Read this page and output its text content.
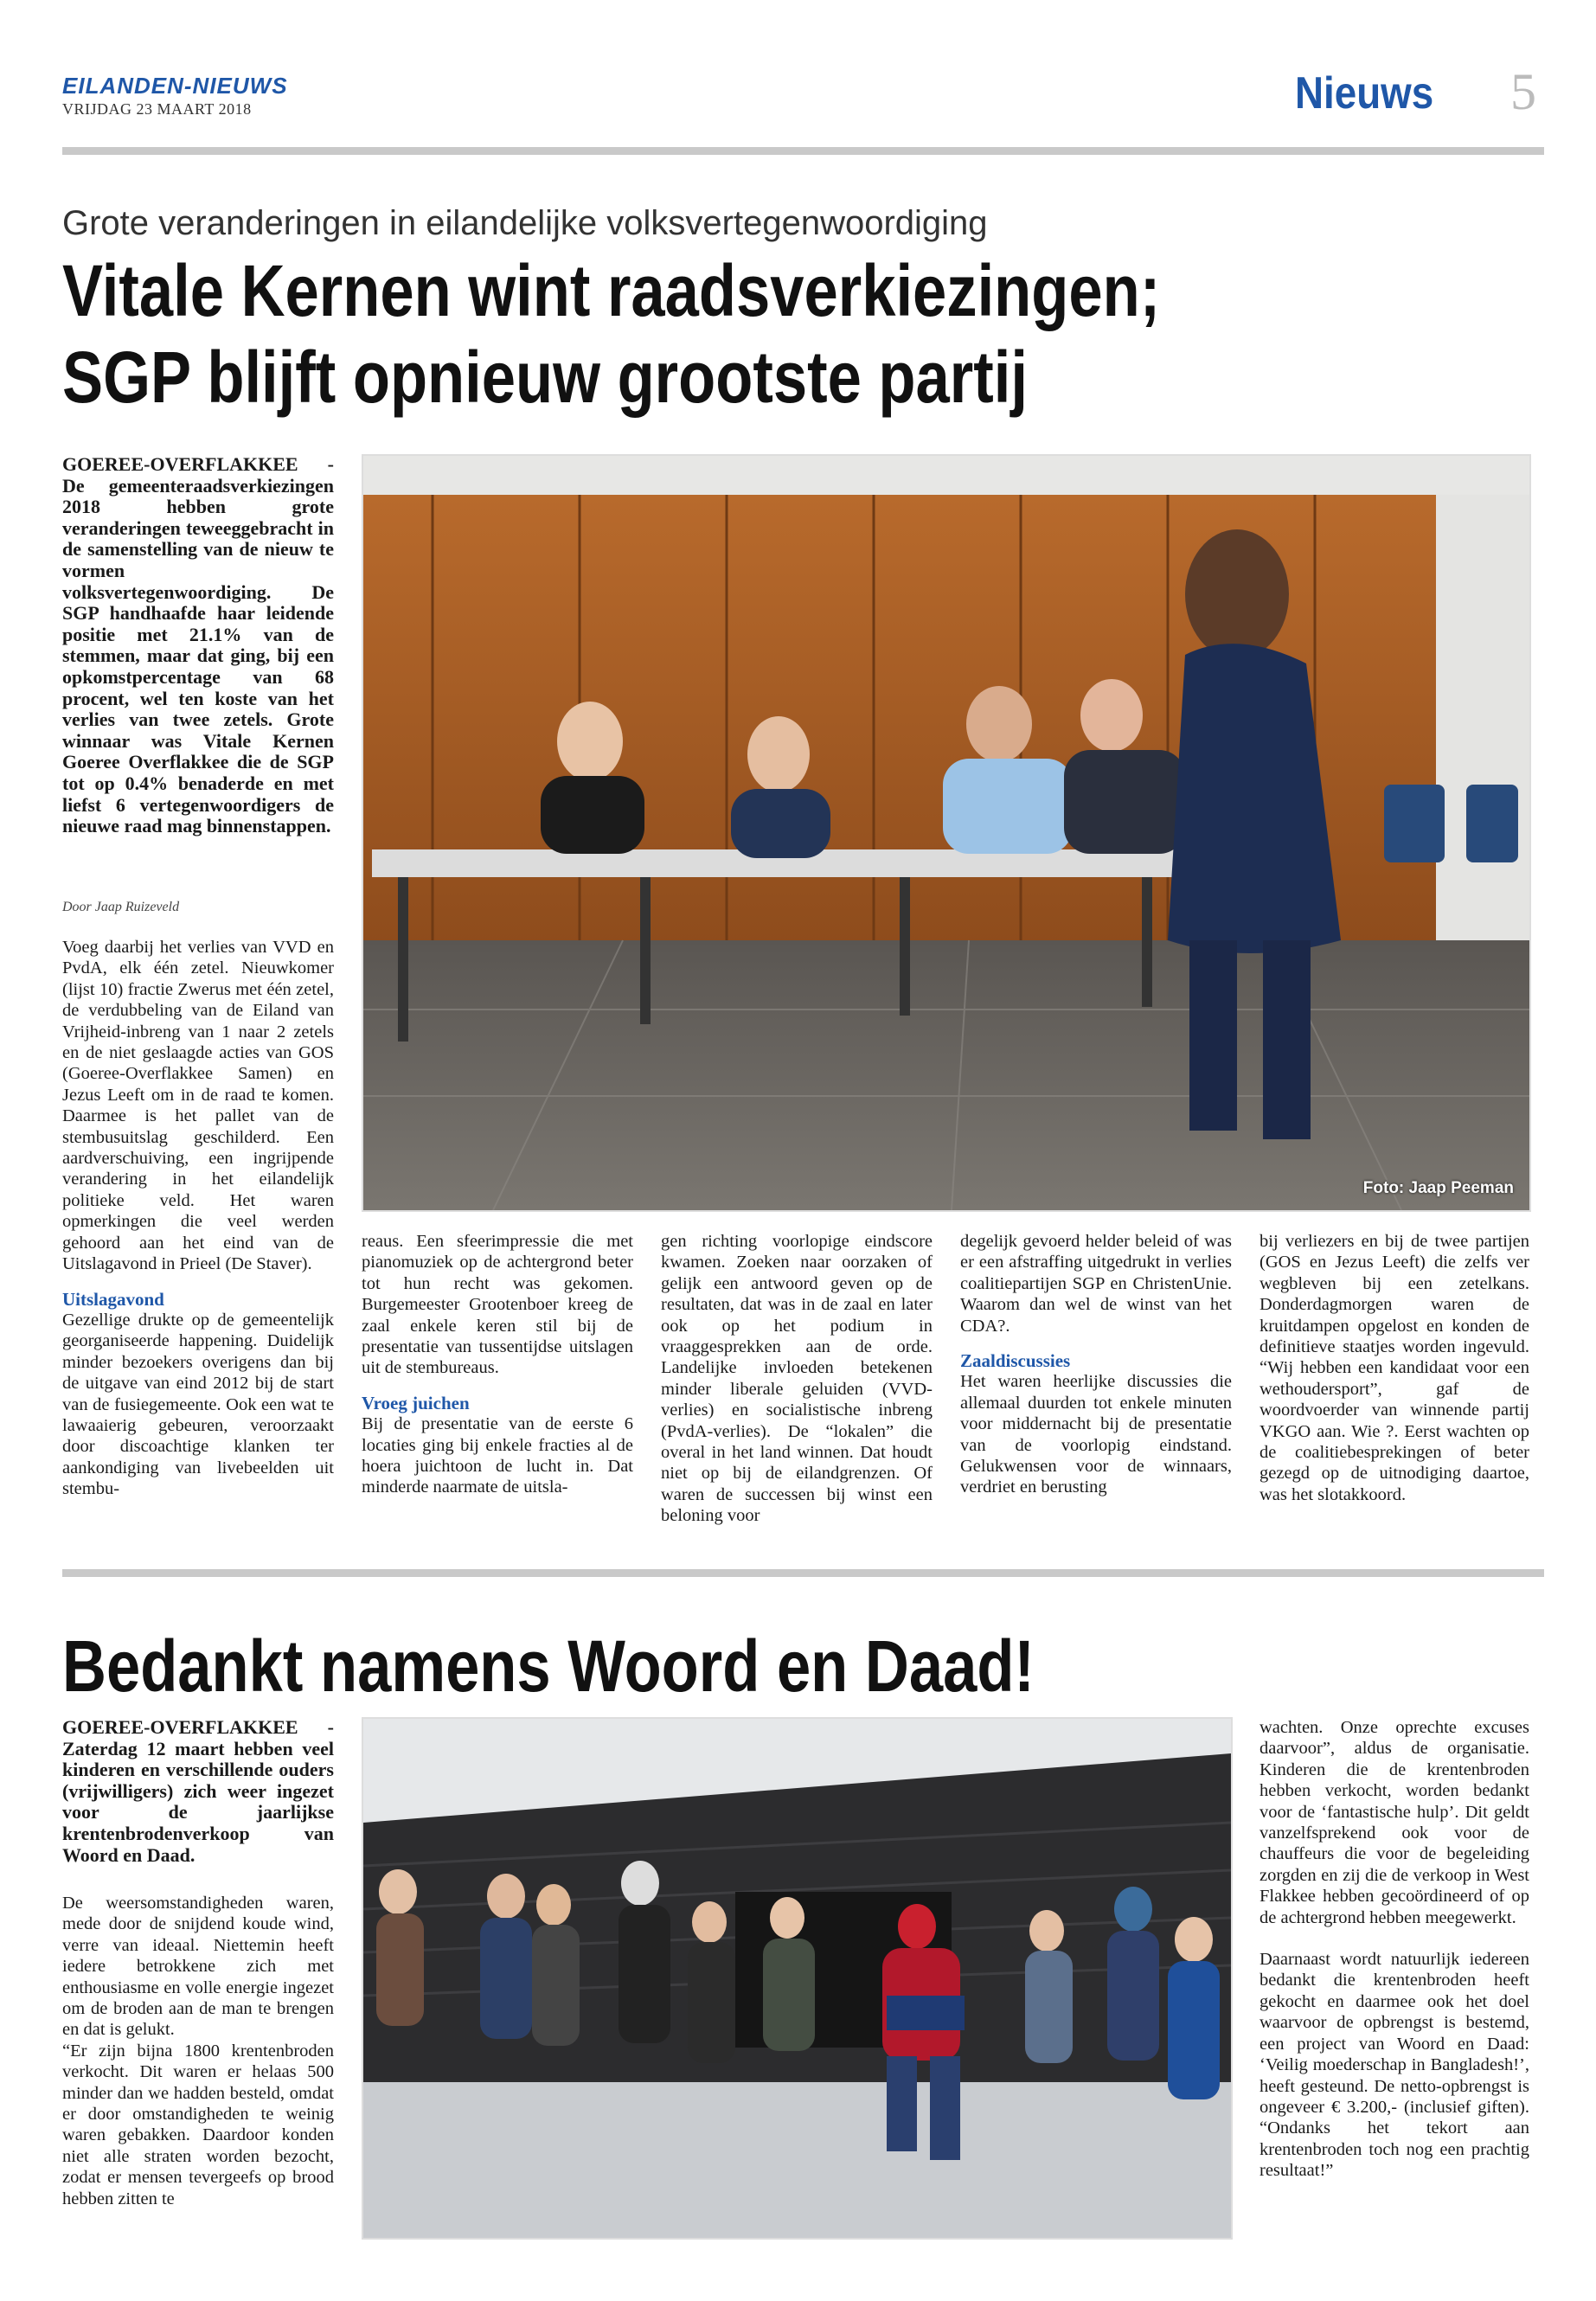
EILANDEN-NIEUWS
VRIJDAG 23 MAART 2018	Nieuws 5
Grote veranderingen in eilandelijke volksvertegenwoordiging
Vitale Kernen wint raadsverkiezingen;
SGP blijft opnieuw grootste partij
GOEREE-OVERFLAKKEE - De gemeenteraadsverkiezingen 2018 hebben grote veranderingen teweeggebracht in de samenstelling van de nieuw te vormen volksvertegenwoordiging. De SGP handhaafde haar leidende positie met 21.1% van de stemmen, maar dat ging, bij een opkomstpercentage van 68 procent, wel ten koste van het verlies van twee zetels. Grote winnaar was Vitale Kernen Goeree Overflakkee die de SGP tot op 0.4% benaderde en met liefst 6 vertegenwoordigers de nieuwe raad mag binnenstappen.
Door Jaap Ruizeveld
Foto: Jaap Peeman

Voeg daarbij het verlies van VVD en PvdA, elk één zetel. Nieuwkomer (lijst 10) fractie Zwerus met één zetel, de verdubbeling van de Eiland van Vrijheid-inbreng van 1 naar 2 zetels en de niet geslaagde acties van GOS (Goeree-Overflakkee Samen) en Jezus Leeft om in de raad te komen. Daarmee is het pallet van de stembusuitslag geschilderd. Een aardverschuiving, een ingrijpende verandering in het eilandelijk politieke veld. Het waren opmerkingen die veel werden gehoord aan het eind van de Uitslagavond in Prieel (De Staver).

Uitslagavond

Gezellige drukte op de gemeentelijk georganiseerde happening. Duidelijk minder bezoekers overigens dan bij de uitgave van eind 2012 bij de start van de fusiegemeente. Ook een wat te lawaaierig gebeuren, veroorzaakt door discoachtige klanken ter aankondiging van livebeelden uit stembu-

reaus. Een sfeerimpressie die met pianomuziek op de achtergrond beter tot hun recht was gekomen. Burgemeester Grootenboer kreeg de zaal enkele keren stil bij de presentatie van tussentijdse uitslagen uit de stembureaus.

Vroeg juichen

Bij de presentatie van de eerste 6 locaties ging bij enkele fracties al de hoera juichtoon de lucht in. Dat minderde naarmate de uitsla-

gen richting voorlopige eindscore kwamen. Zoeken naar oorzaken of gelijk een antwoord geven op de resultaten, dat was in de zaal en later ook op het podium in vraaggesprekken aan de orde. Landelijke invloeden betekenen minder liberale geluiden (VVD-verlies) en socialistische inbreng (PvdA-verlies). De “lokalen” die overal in het land winnen. Dat houdt niet op bij de eilandgrenzen. Of waren de successen bij winst een beloning voor

degelijk gevoerd helder beleid of was er een afstraffing uitgedrukt in verlies coalitiepartijen SGP en ChristenUnie. Waarom dan wel de winst van het CDA?.

Zaaldiscussies

Het waren heerlijke discussies die allemaal duurden tot enkele minuten voor middernacht bij de presentatie van de voorlopig eindstand. Gelukwensen voor de winnaars, verdriet en berusting

bij verliezers en bij de twee partijen (GOS en Jezus Leeft) die zelfs ver wegbleven bij een zetelkans. Donderdagmorgen waren de kruitdampen opgelost en konden de definitieve staatjes worden ingevuld. “Wij hebben een kandidaat voor een wethoudersport”, gaf de woordvoerder van winnende partij VKGO aan. Wie ?. Eerst wachten op de coalitiebesprekingen of beter gezegd op de uitnodiging daartoe, was het slotakkoord.

Bedankt namens Woord en Daad!
GOEREE-OVERFLAKKEE - Zaterdag 12 maart hebben veel kinderen en verschillende ouders (vrijwilligers) zich weer ingezet voor de jaarlijkse krentenbrodenverkoop van Woord en Daad.

De weersomstandigheden waren, mede door de snijdend koude wind, verre van ideaal. Niettemin heeft iedere betrokkene zich met enthousiasme en volle energie ingezet om de broden aan de man te brengen en dat is gelukt.

“Er zijn bijna 1800 krentenbroden verkocht. Dit waren er helaas 500 minder dan we hadden besteld, omdat er door omstandigheden te weinig waren gebakken. Daardoor konden niet alle straten worden bezocht, zodat er mensen tevergeefs op brood hebben zitten te

wachten. Onze oprechte excuses daarvoor”, aldus de organisatie. Kinderen die de krentenbroden hebben verkocht, worden bedankt voor de ‘fantastische hulp’. Dit geldt vanzelfsprekend ook voor de chauffeurs die voor de begeleiding zorgden en zij die de verkoop in West Flakkee hebben gecoördineerd of op de achtergrond hebben meegewerkt.

Daarnaast wordt natuurlijk iedereen bedankt die krentenbroden heeft gekocht en daarmee ook het doel waarvoor de opbrengst is bestemd, een project van Woord en Daad: ‘Veilig moederschap in Bangladesh!’, heeft gesteund. De netto-opbrengst is ongeveer € 3.200,- (inclusief giften). “Ondanks het tekort aan krentenbroden toch nog een prachtig resultaat!”
